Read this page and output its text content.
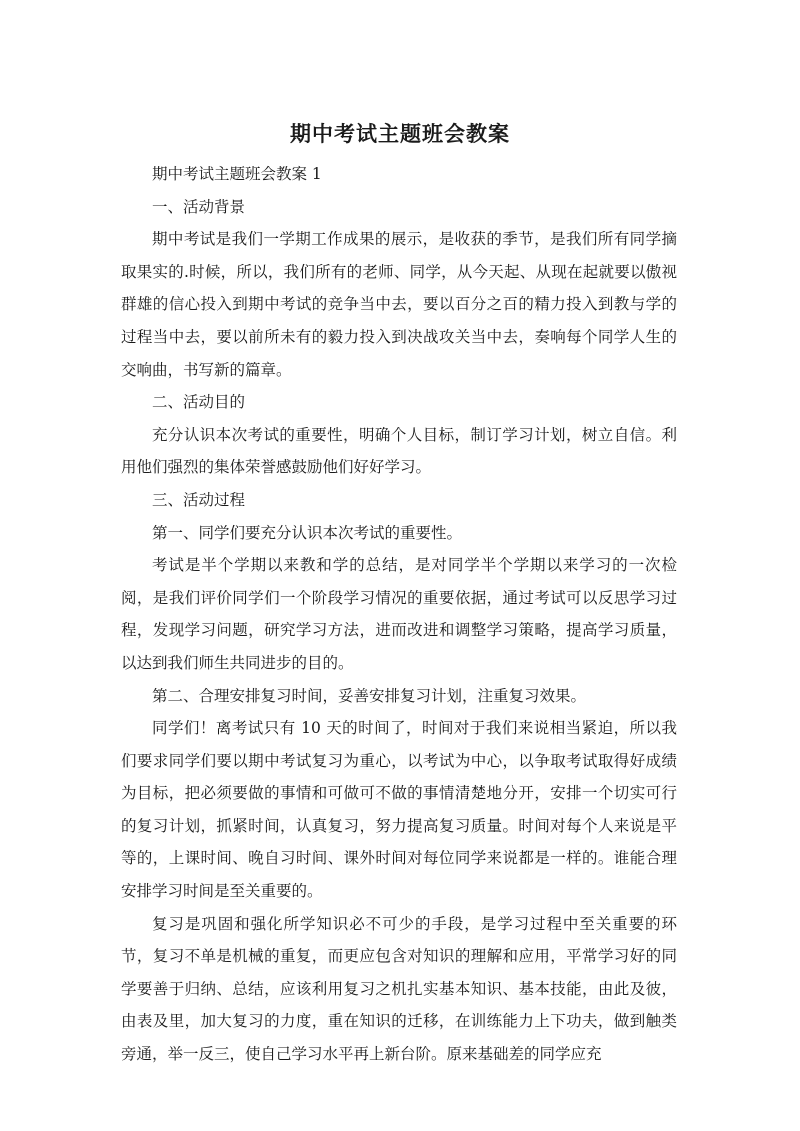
期中考试主题班会教案

期中考试主题班会教案 1

一、活动背景

期中考试是我们一学期工作成果的展示，是收获的季节，是我们所有同学摘取果实的.时候，所以，我们所有的老师、同学，从今天起、从现在起就要以傲视群雄的信心投入到期中考试的竞争当中去，要以百分之百的精力投入到教与学的过程当中去，要以前所未有的毅力投入到决战攻关当中去，奏响每个同学人生的交响曲，书写新的篇章。

二、活动目的

充分认识本次考试的重要性，明确个人目标，制订学习计划，树立自信。利用他们强烈的集体荣誉感鼓励他们好好学习。

三、活动过程

第一、同学们要充分认识本次考试的重要性。

考试是半个学期以来教和学的总结，是对同学半个学期以来学习的一次检阅，是我们评价同学们一个阶段学习情况的重要依据，通过考试可以反思学习过程，发现学习问题，研究学习方法，进而改进和调整学习策略，提高学习质量，以达到我们师生共同进步的目的。

第二、合理安排复习时间，妥善安排复习计划，注重复习效果。

同学们！离考试只有 10 天的时间了，时间对于我们来说相当紧迫，所以我们要求同学们要以期中考试复习为重心，以考试为中心，以争取考试取得好成绩为目标，把必须要做的事情和可做可不做的事情清楚地分开，安排一个切实可行的复习计划，抓紧时间，认真复习，努力提高复习质量。时间对每个人来说是平等的，上课时间、晚自习时间、课外时间对每位同学来说都是一样的。谁能合理安排学习时间是至关重要的。

复习是巩固和强化所学知识必不可少的手段，是学习过程中至关重要的环节，复习不单是机械的重复，而更应包含对知识的理解和应用，平常学习好的同学要善于归纳、总结，应该利用复习之机扎实基本知识、基本技能，由此及彼，由表及里，加大复习的力度，重在知识的迁移，在训练能力上下功夫，做到触类旁通，举一反三，使自己学习水平再上新台阶。原来基础差的同学应充
